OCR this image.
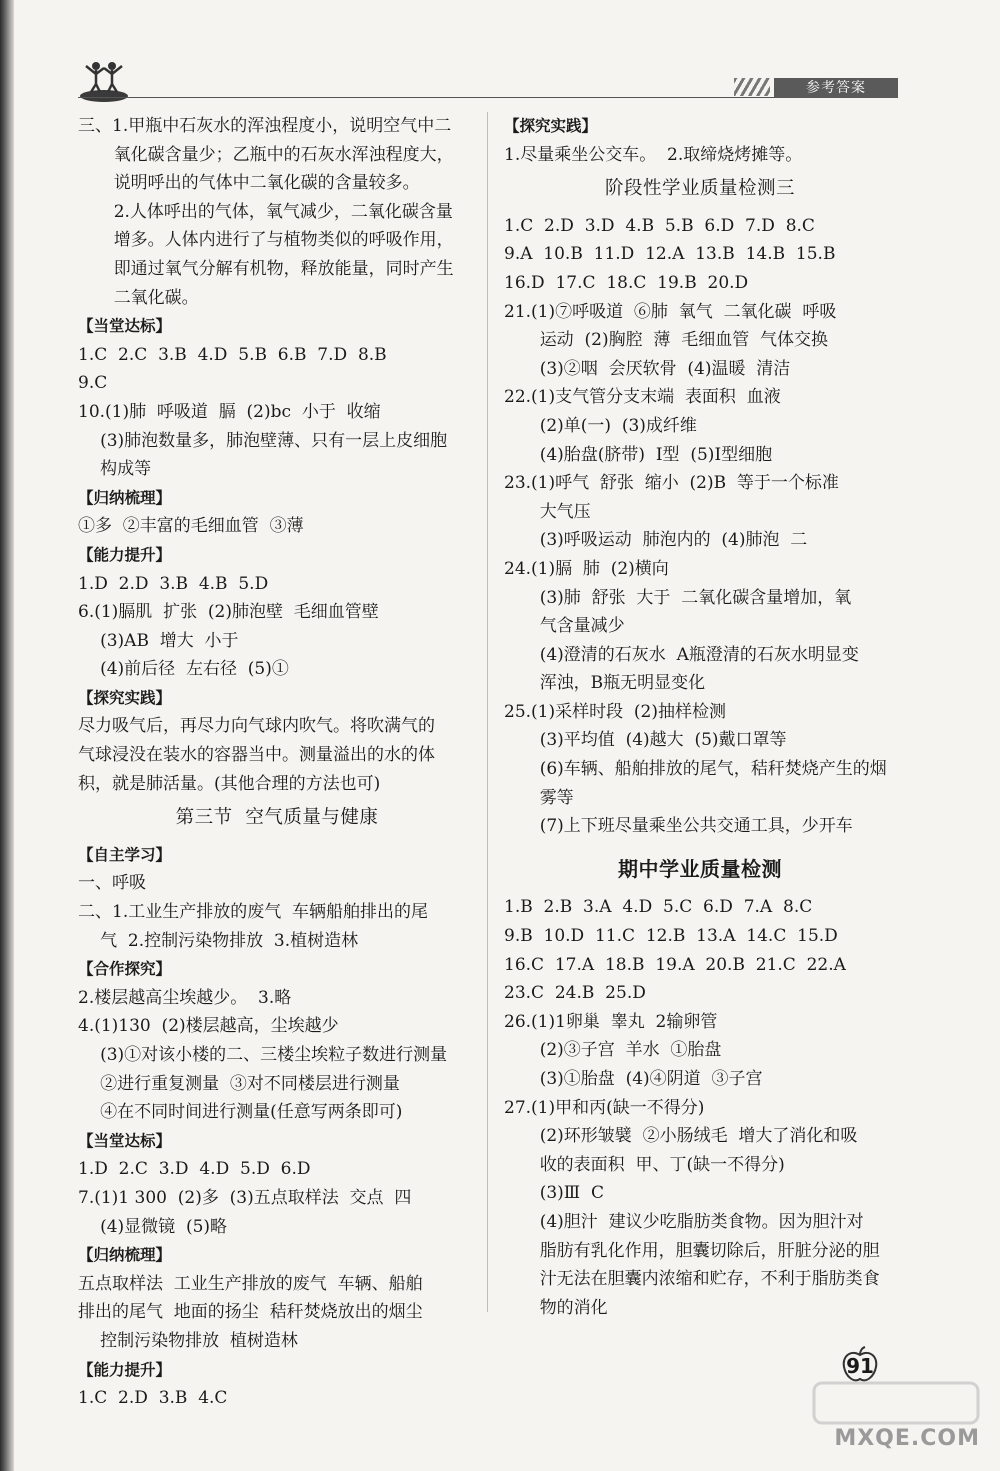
参考答案
三、1.甲瓶中石灰水的浑浊程度小，说明空气中二
氧化碳含量少；乙瓶中的石灰水浑浊程度大，
说明呼出的气体中二氧化碳的含量较多。
2.人体呼出的气体，氧气减少，二氧化碳含量
增多。人体内进行了与植物类似的呼吸作用，
即通过氧气分解有机物，释放能量，同时产生
二氧化碳。
【当堂达标】
1.C  2.C  3.B  4.D  5.B  6.B  7.D  8.B
9.C
10.(1)肺  呼吸道  膈  (2)bc  小于  收缩
(3)肺泡数量多，肺泡壁薄、只有一层上皮细胞
构成等
【归纳梳理】
①多  ②丰富的毛细血管  ③薄
【能力提升】
1.D  2.D  3.B  4.B  5.D
6.(1)膈肌  扩张  (2)肺泡壁  毛细血管壁
(3)AB  增大  小于
(4)前后径  左右径  (5)①
【探究实践】
尽力吸气后，再尽力向气球内吹气。将吹满气的
气球浸没在装水的容器当中。测量溢出的水的体
积，就是肺活量。(其他合理的方法也可)
第三节  空气质量与健康
【自主学习】
一、呼吸
二、1.工业生产排放的废气  车辆船舶排出的尾
气  2.控制污染物排放  3.植树造林
【合作探究】
2.楼层越高尘埃越少。  3.略
4.(1)130  (2)楼层越高，尘埃越少
(3)①对该小楼的二、三楼尘埃粒子数进行测量
②进行重复测量  ③对不同楼层进行测量
④在不同时间进行测量(任意写两条即可)
【当堂达标】
1.D  2.C  3.D  4.D  5.D  6.D
7.(1)1 300  (2)多  (3)五点取样法  交点  四
(4)显微镜  (5)略
【归纳梳理】
五点取样法  工业生产排放的废气  车辆、船舶
排出的尾气  地面的扬尘  秸秆焚烧放出的烟尘
控制污染物排放  植树造林
【能力提升】
1.C  2.D  3.B  4.C
【探究实践】
1.尽量乘坐公交车。  2.取缔烧烤摊等。
阶段性学业质量检测三
1.C  2.D  3.D  4.B  5.B  6.D  7.D  8.C
9.A  10.B  11.D  12.A  13.B  14.B  15.B
16.D  17.C  18.C  19.B  20.D
21.(1)⑦呼吸道  ⑥肺  氧气  二氧化碳  呼吸
运动  (2)胸腔  薄  毛细血管  气体交换
(3)②咽  会厌软骨  (4)温暖  清洁
22.(1)支气管分支末端  表面积  血液
(2)单(一)  (3)成纤维
(4)胎盘(脐带)  Ⅰ型  (5)Ⅰ型细胞
23.(1)呼气  舒张  缩小  (2)B  等于一个标准
大气压
(3)呼吸运动  肺泡内的  (4)肺泡  二
24.(1)膈  肺  (2)横向
(3)肺  舒张  大于  二氧化碳含量增加，氧
气含量减少
(4)澄清的石灰水  A瓶澄清的石灰水明显变
浑浊，B瓶无明显变化
25.(1)采样时段  (2)抽样检测
(3)平均值  (4)越大  (5)戴口罩等
(6)车辆、船舶排放的尾气，秸秆焚烧产生的烟
雾等
(7)上下班尽量乘坐公共交通工具，少开车
期中学业质量检测
1.B  2.B  3.A  4.D  5.C  6.D  7.A  8.C
9.B  10.D  11.C  12.B  13.A  14.C  15.D
16.C  17.A  18.B  19.A  20.B  21.C  22.A
23.C  24.B  25.D
26.(1)1卵巢  睾丸  2输卵管
(2)③子宫  羊水  ①胎盘
(3)①胎盘  (4)④阴道  ③子宫
27.(1)甲和丙(缺一不得分)
(2)环形皱襞  ②小肠绒毛  增大了消化和吸
收的表面积  甲、丁(缺一不得分)
(3)Ⅲ  C
(4)胆汁  建议少吃脂肪类食物。因为胆汁对
脂肪有乳化作用，胆囊切除后，肝脏分泌的胆
汁无法在胆囊内浓缩和贮存，不利于脂肪类食
物的消化
91
MXQE.COM
